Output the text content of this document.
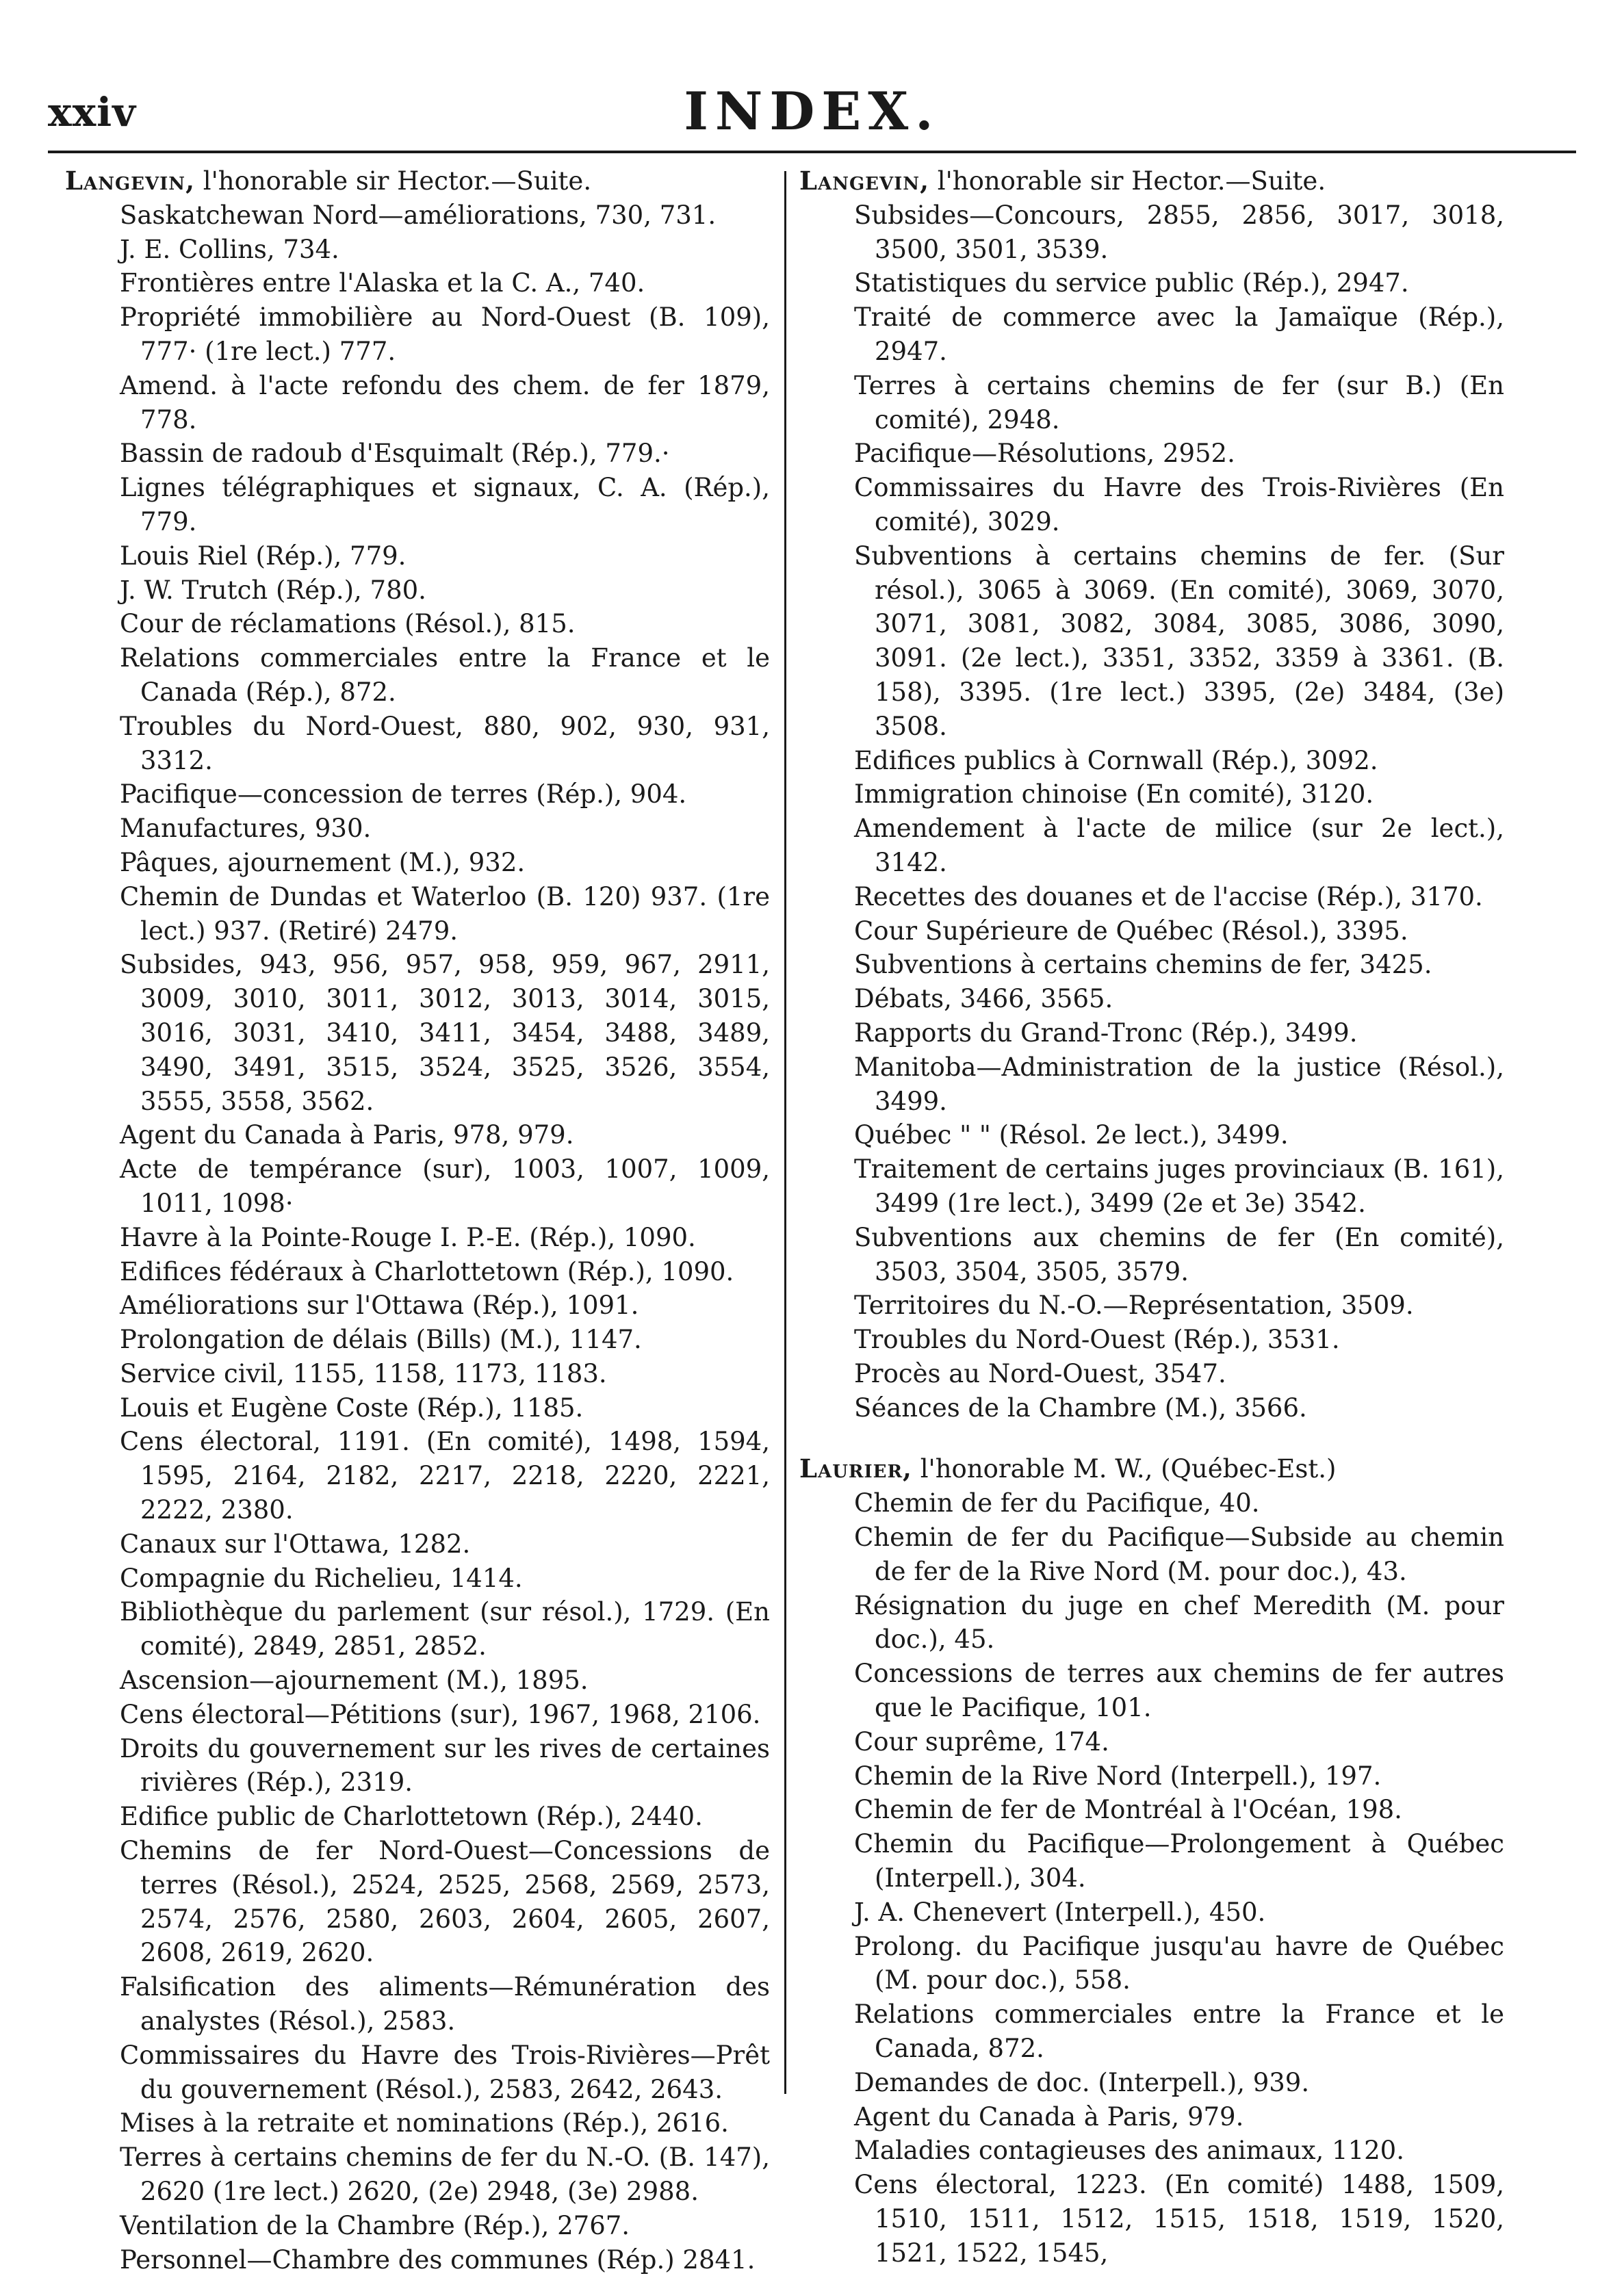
xxiv	INDEX.
Langevin, l'honorable sir Hector.—Suite.
Saskatchewan Nord—améliorations, 730, 731.
J. E. Collins, 734.
Frontières entre l'Alaska et la C. A., 740.
Propriété immobilière au Nord-Ouest (B. 109), 777· (1re lect.) 777.
Amend. à l'acte refondu des chem. de fer 1879, 778.
Bassin de radoub d'Esquimalt (Rép.), 779.·
Lignes télégraphiques et signaux, C. A. (Rép.), 779.
Louis Riel (Rép.), 779.
J. W. Trutch (Rép.), 780.
Cour de réclamations (Résol.), 815.
Relations commerciales entre la France et le Canada (Rép.), 872.
Troubles du Nord-Ouest, 880, 902, 930, 931, 3312.
Pacifique—concession de terres (Rép.), 904.
Manufactures, 930.
Pâques, ajournement (M.), 932.
Chemin de Dundas et Waterloo (B. 120) 937. (1re lect.) 937. (Retiré) 2479.
Subsides, 943, 956, 957, 958, 959, 967, 2911, 3009, 3010, 3011, 3012, 3013, 3014, 3015, 3016, 3031, 3410, 3411, 3454, 3488, 3489, 3490, 3491, 3515, 3524, 3525, 3526, 3554, 3555, 3558, 3562.
Agent du Canada à Paris, 978, 979.
Acte de tempérance (sur), 1003, 1007, 1009, 1011, 1098·
Havre à la Pointe-Rouge I. P.-E. (Rép.), 1090.
Edifices fédéraux à Charlottetown (Rép.), 1090.
Améliorations sur l'Ottawa (Rép.), 1091.
Prolongation de délais (Bills) (M.), 1147.
Service civil, 1155, 1158, 1173, 1183.
Louis et Eugène Coste (Rép.), 1185.
Cens électoral, 1191. (En comité), 1498, 1594, 1595, 2164, 2182, 2217, 2218, 2220, 2221, 2222, 2380.
Canaux sur l'Ottawa, 1282.
Compagnie du Richelieu, 1414.
Bibliothèque du parlement (sur résol.), 1729. (En comité), 2849, 2851, 2852.
Ascension—ajournement (M.), 1895.
Cens électoral—Pétitions (sur), 1967, 1968, 2106.
Droits du gouvernement sur les rives de certaines rivières (Rép.), 2319.
Edifice public de Charlottetown (Rép.), 2440.
Chemins de fer Nord-Ouest—Concessions de terres (Résol.), 2524, 2525, 2568, 2569, 2573, 2574, 2576, 2580, 2603, 2604, 2605, 2607, 2608, 2619, 2620.
Falsification des aliments—Rémunération des analystes (Résol.), 2583.
Commissaires du Havre des Trois-Rivières—Prêt du gouvernement (Résol.), 2583, 2642, 2643.
Mises à la retraite et nominations (Rép.), 2616.
Terres à certains chemins de fer du N.-O. (B. 147), 2620 (1re lect.) 2620, (2e) 2948, (3e) 2988.
Ventilation de la Chambre (Rép.), 2767.
Personnel—Chambre des communes (Rép.) 2841.
Langevin, l'honorable sir Hector.—Suite.
Subsides—Concours, 2855, 2856, 3017, 3018, 3500, 3501, 3539.
Statistiques du service public (Rép.), 2947.
Traité de commerce avec la Jamaïque (Rép.), 2947.
Terres à certains chemins de fer (sur B.) (En comité), 2948.
Pacifique—Résolutions, 2952.
Commissaires du Havre des Trois-Rivières (En comité), 3029.
Subventions à certains chemins de fer. (Sur résol.), 3065 à 3069. (En comité), 3069, 3070, 3071, 3081, 3082, 3084, 3085, 3086, 3090, 3091. (2e lect.), 3351, 3352, 3359 à 3361. (B. 158), 3395. (1re lect.) 3395, (2e) 3484, (3e) 3508.
Edifices publics à Cornwall (Rép.), 3092.
Immigration chinoise (En comité), 3120.
Amendement à l'acte de milice (sur 2e lect.), 3142.
Recettes des douanes et de l'accise (Rép.), 3170.
Cour Supérieure de Québec (Résol.), 3395.
Subventions à certains chemins de fer, 3425.
Débats, 3466, 3565.
Rapports du Grand-Tronc (Rép.), 3499.
Manitoba—Administration de la justice (Résol.), 3499.
Québec " " (Résol. 2e lect.), 3499.
Traitement de certains juges provinciaux (B. 161), 3499 (1re lect.), 3499 (2e et 3e) 3542.
Subventions aux chemins de fer (En comité), 3503, 3504, 3505, 3579.
Territoires du N.-O.—Représentation, 3509.
Troubles du Nord-Ouest (Rép.), 3531.
Procès au Nord-Ouest, 3547.
Séances de la Chambre (M.), 3566.
Laurier, l'honorable M. W., (Québec-Est.)
Chemin de fer du Pacifique, 40.
Chemin de fer du Pacifique—Subside au chemin de fer de la Rive Nord (M. pour doc.), 43.
Résignation du juge en chef Meredith (M. pour doc.), 45.
Concessions de terres aux chemins de fer autres que le Pacifique, 101.
Cour suprême, 174.
Chemin de la Rive Nord (Interpell.), 197.
Chemin de fer de Montréal à l'Océan, 198.
Chemin du Pacifique—Prolongement à Québec (Interpell.), 304.
J. A. Chenevert (Interpell.), 450.
Prolong. du Pacifique jusqu'au havre de Québec (M. pour doc.), 558.
Relations commerciales entre la France et le Canada, 872.
Demandes de doc. (Interpell.), 939.
Agent du Canada à Paris, 979.
Maladies contagieuses des animaux, 1120.
Cens électoral, 1223. (En comité) 1488, 1509, 1510, 1511, 1512, 1515, 1518, 1519, 1520, 1521, 1522, 1545,
